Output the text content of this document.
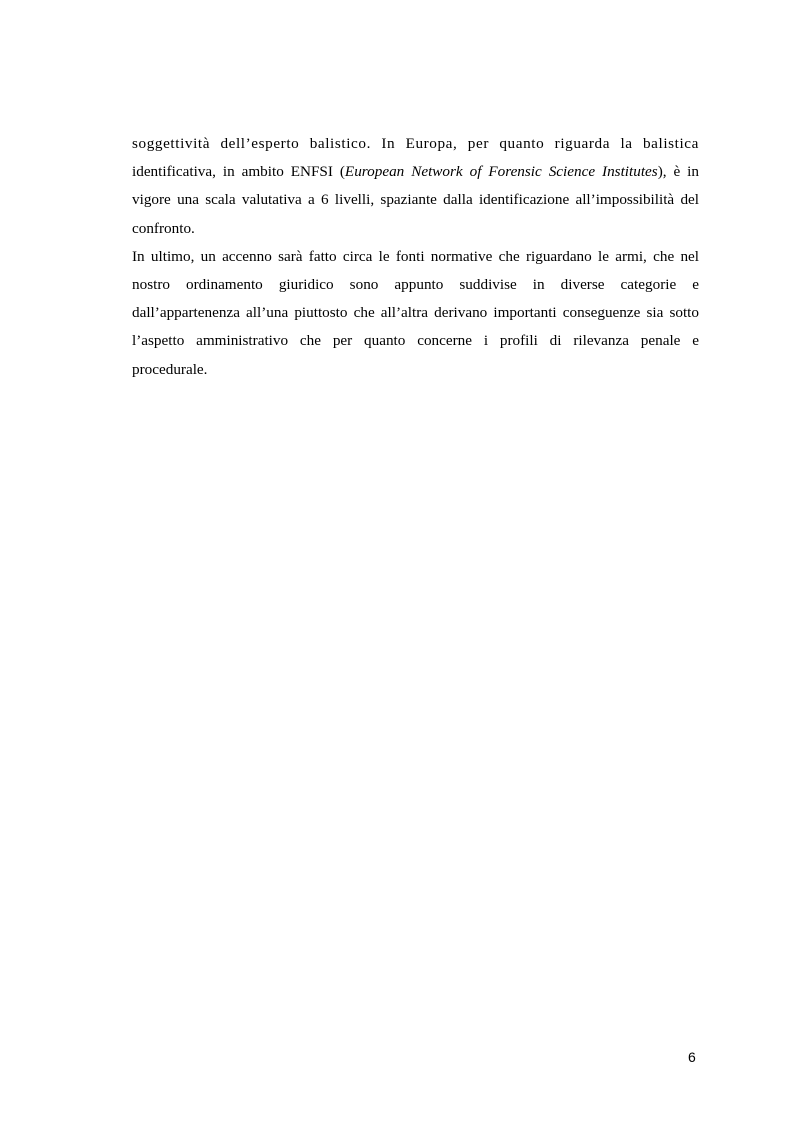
soggettività dell’esperto balistico. In Europa, per quanto riguarda la balistica
identificativa, in ambito ENFSI (European Network of Forensic Science Institutes), è in
vigore una scala valutativa a 6 livelli, spaziante dalla identificazione all’impossibilità del
confronto.
In ultimo, un accenno sarà fatto circa le fonti normative che riguardano le armi, che nel
nostro ordinamento giuridico sono appunto suddivise in diverse categorie e
dall’appartenenza all’una piuttosto che all’altra derivano importanti conseguenze sia sotto
l’aspetto amministrativo che per quanto concerne i profili di rilevanza penale e
procedurale.
6
